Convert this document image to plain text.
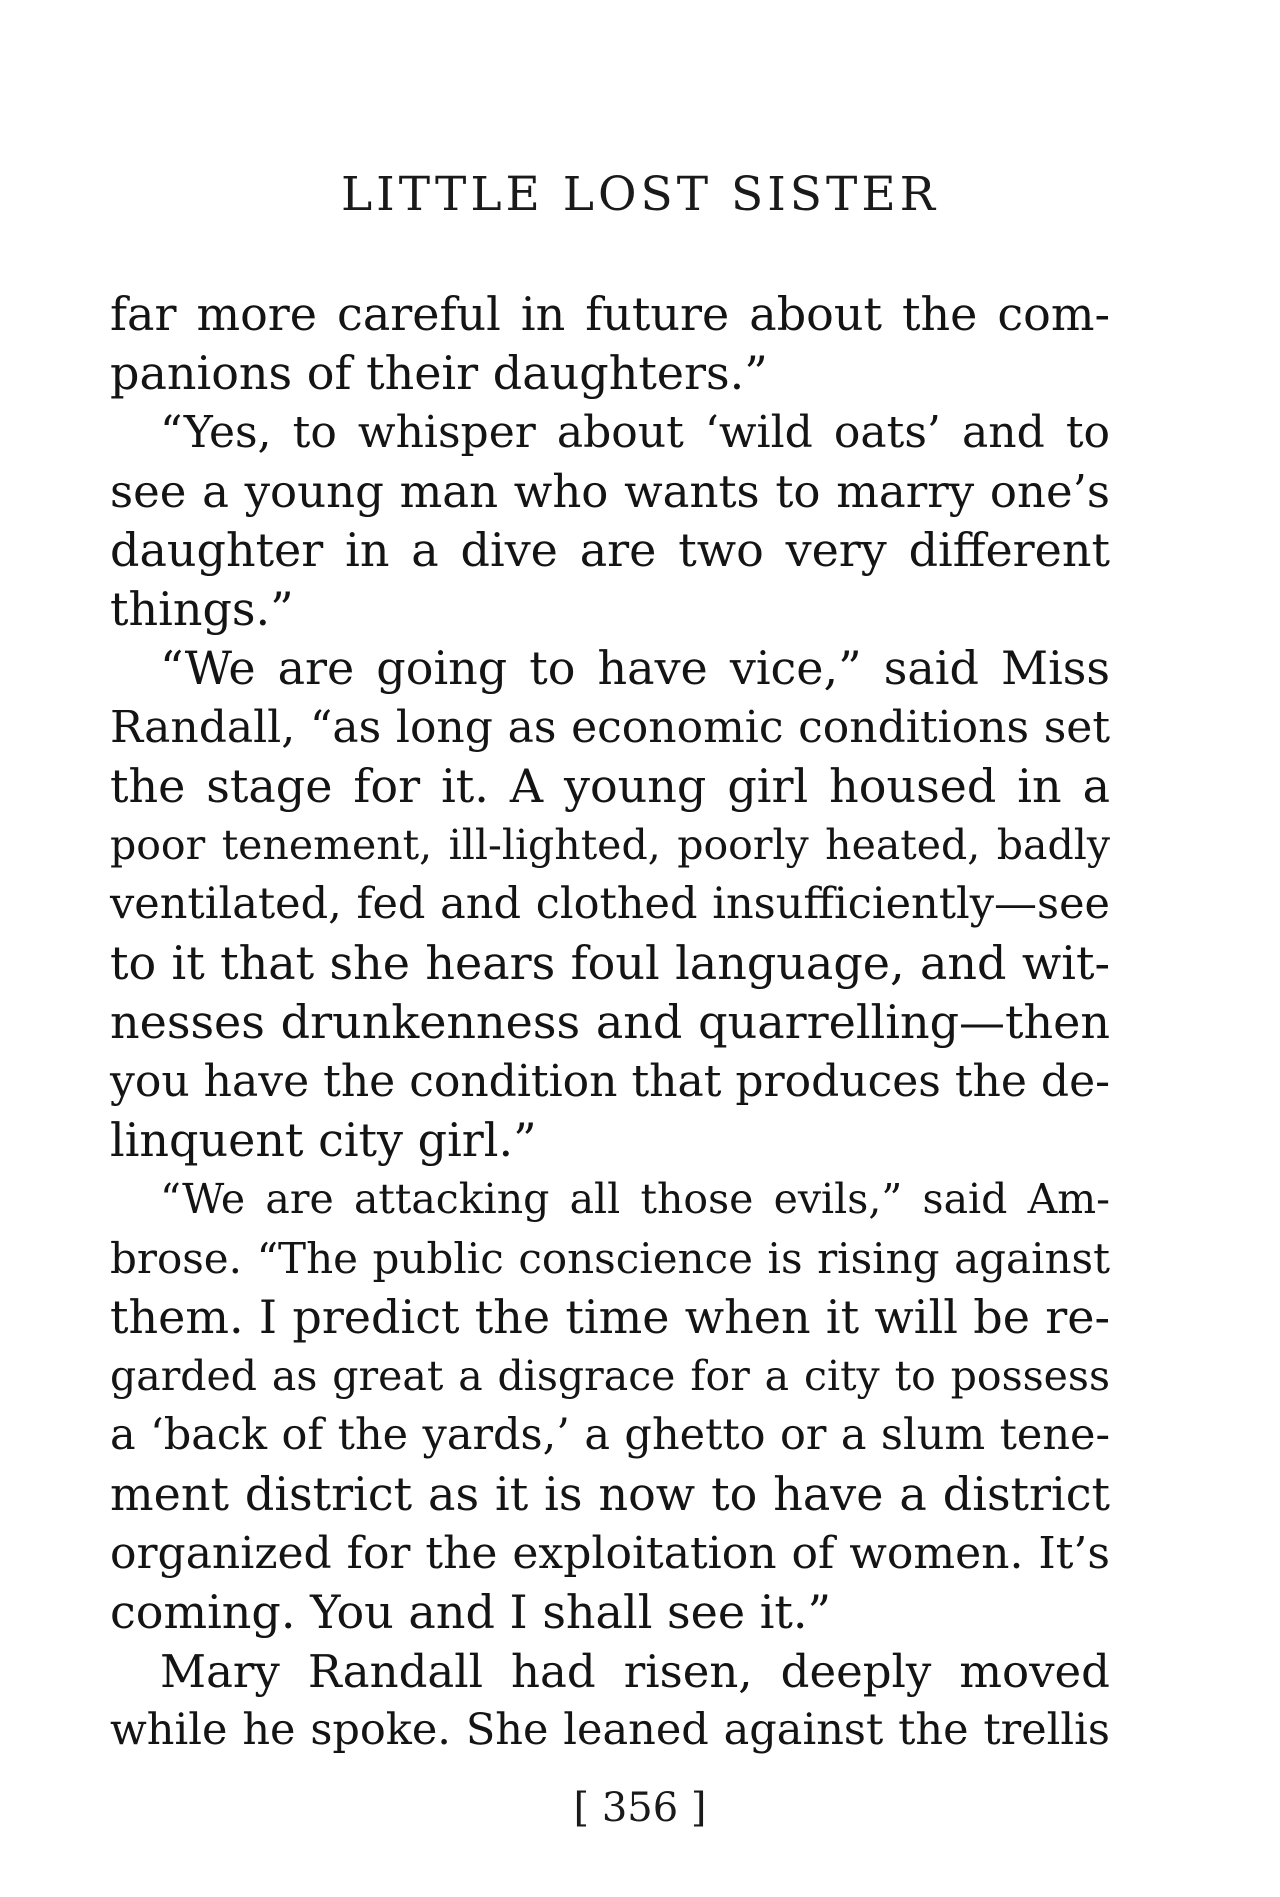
LITTLE LOST SISTER
far more careful in future about the com-
panions of their daughters.”
“Yes, to whisper about ‘wild oats’ and to
see a young man who wants to marry one’s
daughter in a dive are two very different
things.”
“We are going to have vice,” said Miss
Randall, “as long as economic conditions set
the stage for it. A young girl housed in a
poor tenement, ill-lighted, poorly heated, badly
ventilated, fed and clothed insufficiently—see
to it that she hears foul language, and wit-
nesses drunkenness and quarrelling—then
you have the condition that produces the de-
linquent city girl.”
“We are attacking all those evils,” said Am-
brose. “The public conscience is rising against
them. I predict the time when it will be re-
garded as great a disgrace for a city to possess
a ‘back of the yards,’ a ghetto or a slum tene-
ment district as it is now to have a district
organized for the exploitation of women. It’s
coming. You and I shall see it.”
Mary Randall had risen, deeply moved
while he spoke. She leaned against the trellis
[ 356 ]
